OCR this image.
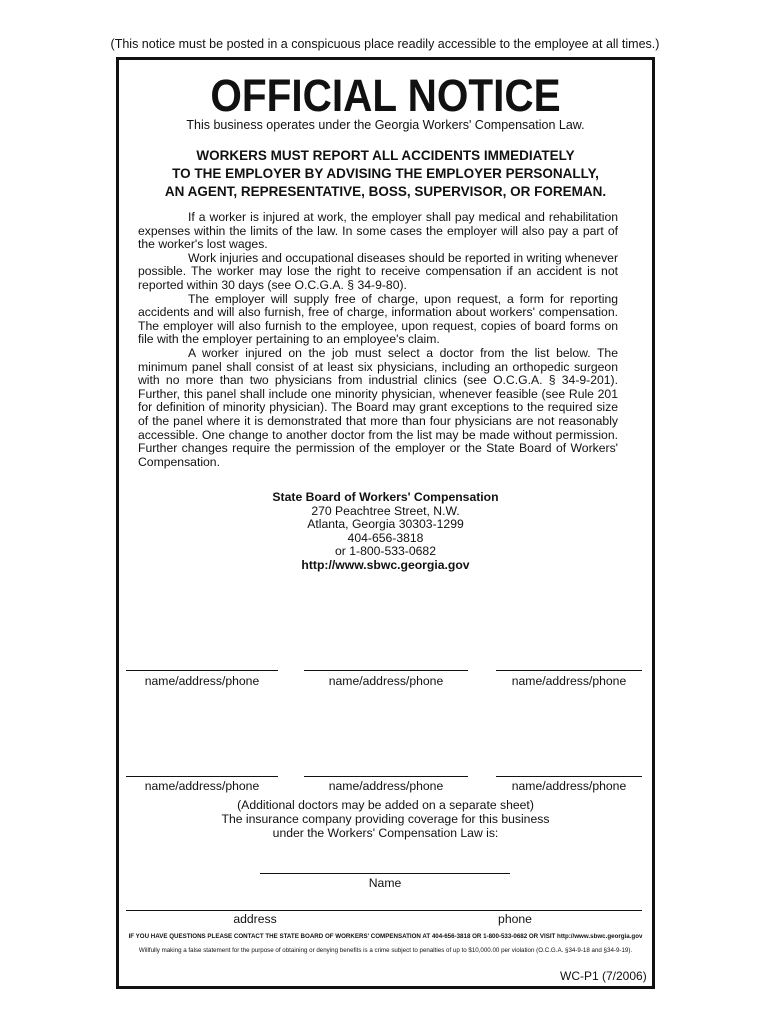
(This notice must be posted in a conspicuous place readily accessible to the employee at all times.)
OFFICIAL NOTICE
This business operates under the Georgia Workers' Compensation Law.
WORKERS MUST REPORT ALL ACCIDENTS IMMEDIATELY
TO THE EMPLOYER BY ADVISING THE EMPLOYER PERSONALLY,
AN AGENT, REPRESENTATIVE, BOSS, SUPERVISOR, OR FOREMAN.

If a worker is injured at work, the employer shall pay medical and rehabilitation expenses within the limits of the law. In some cases the employer will also pay a part of the worker's lost wages.

Work injuries and occupational diseases should be reported in writing whenever possible. The worker may lose the right to receive compensation if an accident is not reported within 30 days (see O.C.G.A. § 34-9-80).

The employer will supply free of charge, upon request, a form for reporting accidents and will also furnish, free of charge, information about workers' compensation. The employer will also furnish to the employee, upon request, copies of board forms on file with the employer pertaining to an employee's claim.

A worker injured on the job must select a doctor from the list below. The minimum panel shall consist of at least six physicians, including an orthopedic surgeon with no more than two physicians from industrial clinics (see O.C.G.A. § 34-9-201). Further, this panel shall include one minority physician, whenever feasible (see Rule 201 for definition of minority physician). The Board may grant exceptions to the required size of the panel where it is demonstrated that more than four physicians are not reasonably accessible. One change to another doctor from the list may be made without permission. Further changes require the permission of the employer or the State Board of Workers' Compensation.

State Board of Workers' Compensation
270 Peachtree Street, N.W.
Atlanta, Georgia 30303-1299
404-656-3818
or 1-800-533-0682
http://www.sbwc.georgia.gov
name/address/phone	name/address/phone	name/address/phone
name/address/phone	name/address/phone	name/address/phone
(Additional doctors may be added on a separate sheet)
The insurance company providing coverage for this business
under the Workers' Compensation Law is:
Name
address	phone
IF YOU HAVE QUESTIONS PLEASE CONTACT THE STATE BOARD OF WORKERS' COMPENSATION AT 404-656-3818 OR 1-800-533-0682 OR VISIT http://www.sbwc.georgia.gov
Willfully making a false statement for the purpose of obtaining or denying benefits is a crime subject to penalties of up to $10,000.00 per violation (O.C.G.A. §34-9-18 and §34-9-19).
WC-P1 (7/2006)
